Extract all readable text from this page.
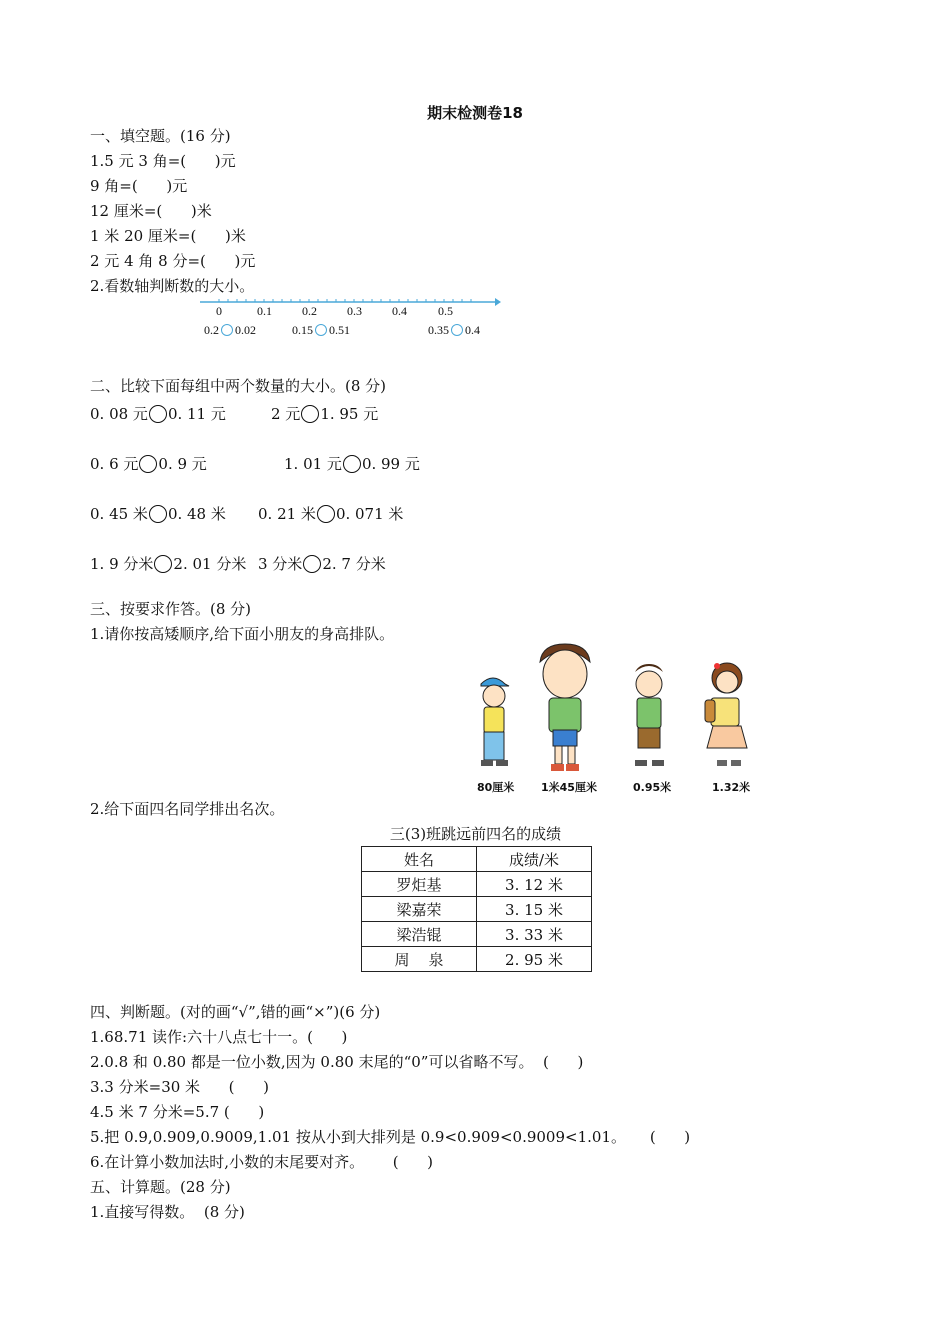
期末检测卷18
一、填空题。(16 分)
1.5 元 3 角=(      )元
9 角=(      )元
12 厘米=(      )米
1 米 20 厘米=(      )米
2 元 4 角 8 分=(      )元
2.看数轴判断数的大小。
0	0.1	0.2	0.3	0.4	0.5
0.2 0.02	0.15 0.51	0.35 0.4
二、比较下面每组中两个数量的大小。(8 分)
0. 08 元 0. 11 元	2 元 1. 95 元
0. 6 元 0. 9 元	1. 01 元 0. 99 元
0. 45 米 0. 48 米 0. 21 米 0. 071 米
1. 9 分米 2. 01 分米 3 分米 2. 7 分米
三、按要求作答。(8 分)
1.请你按高矮顺序,给下面小朋友的身高排队。
80厘米 1米45厘米	0.95米	1.32米
2.给下面四名同学排出名次。
三(3)班跳远前四名的成绩
姓名	成绩/米
罗炬基	3. 12 米
梁嘉荣	3. 15 米
梁浩锟	3. 33 米
周    泉	2. 95 米
四、判断题。(对的画“√”,错的画“×”)(6 分)
1.68.71 读作:六十八点七十一。(      )
2.0.8 和 0.80 都是一位小数,因为 0.80 末尾的“0”可以省略不写。  (      )
3.3 分米=30 米      (      )
4.5 米 7 分米=5.7 (      )
5.把 0.9,0.909,0.9009,1.01 按从小到大排列是 0.9<0.909<0.9009<1.01。     (      )
6.在计算小数加法时,小数的末尾要对齐。      (      )
五、计算题。(28 分)
1.直接写得数。  (8 分)
